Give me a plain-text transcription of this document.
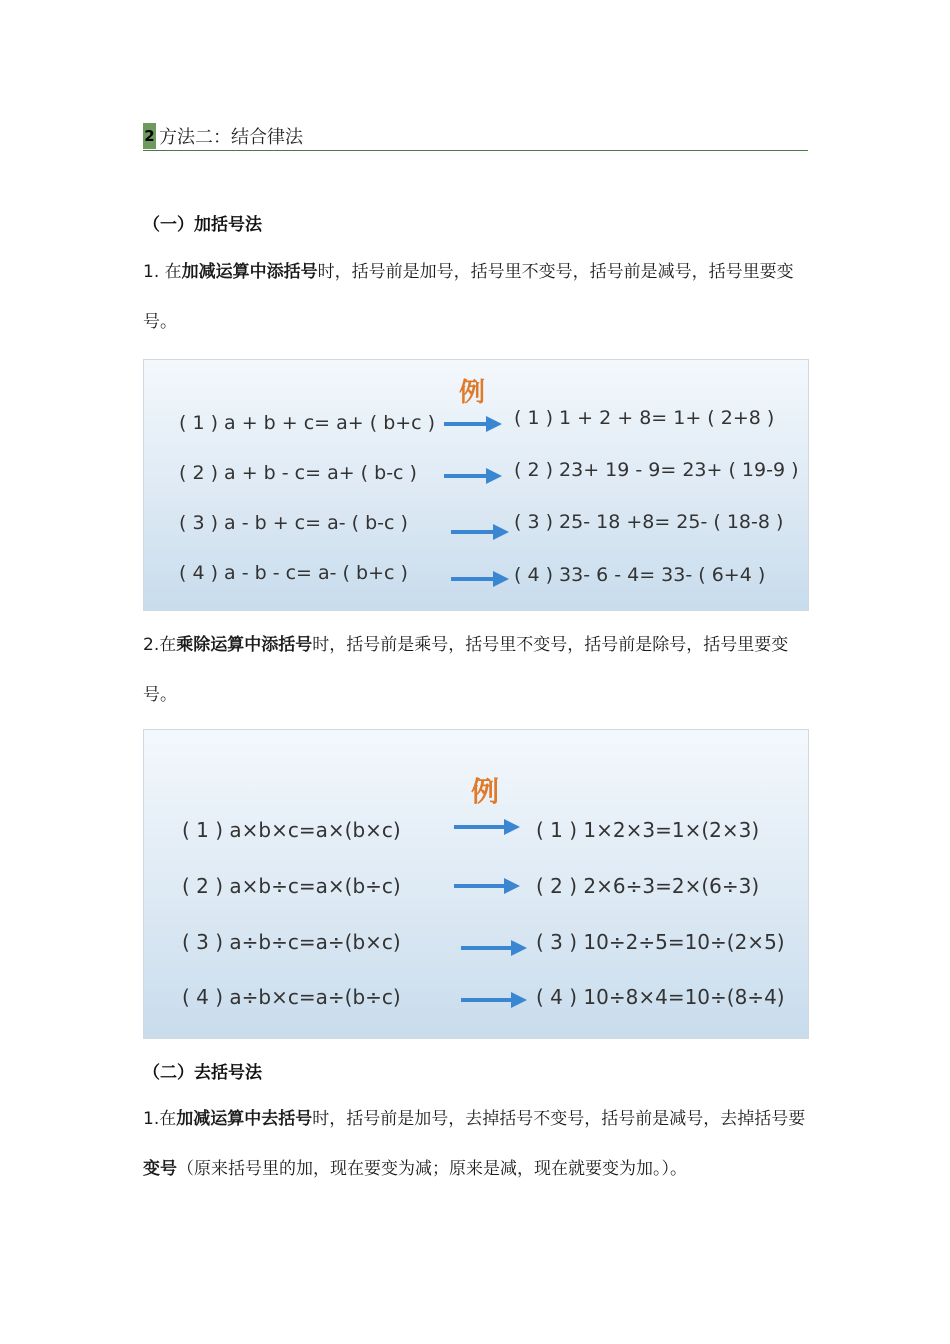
2 方法二：结合律法
（一）加括号法
1. 在加减运算中添括号时，括号前是加号，括号里不变号，括号前是减号，括号里要变号。
例
( 1 ) a + b + c= a+ ( b+c )
( 2 ) a + b - c= a+ ( b-c )
( 3 ) a - b + c= a- ( b-c )
( 4 ) a - b - c= a- ( b+c )
( 1 ) 1 + 2 + 8= 1+ ( 2+8 )
( 2 ) 23+ 19 - 9= 23+ ( 19-9 )
( 3 ) 25- 18 +8= 25- ( 18-8 )
( 4 ) 33- 6 - 4= 33- ( 6+4 )
2.在乘除运算中添括号时，括号前是乘号，括号里不变号，括号前是除号，括号里要变号。
例
( 1 ) a×b×c=a×(b×c)
( 2 ) a×b÷c=a×(b÷c)
( 3 ) a÷b÷c=a÷(b×c)
( 4 ) a÷b×c=a÷(b÷c)
( 1 ) 1×2×3=1×(2×3)
( 2 ) 2×6÷3=2×(6÷3)
( 3 ) 10÷2÷5=10÷(2×5)
( 4 ) 10÷8×4=10÷(8÷4)
（二）去括号法
1.在加减运算中去括号时，括号前是加号，去掉括号不变号，括号前是减号，去掉括号要变号（原来括号里的加，现在要变为减；原来是减，现在就要变为加。）。
